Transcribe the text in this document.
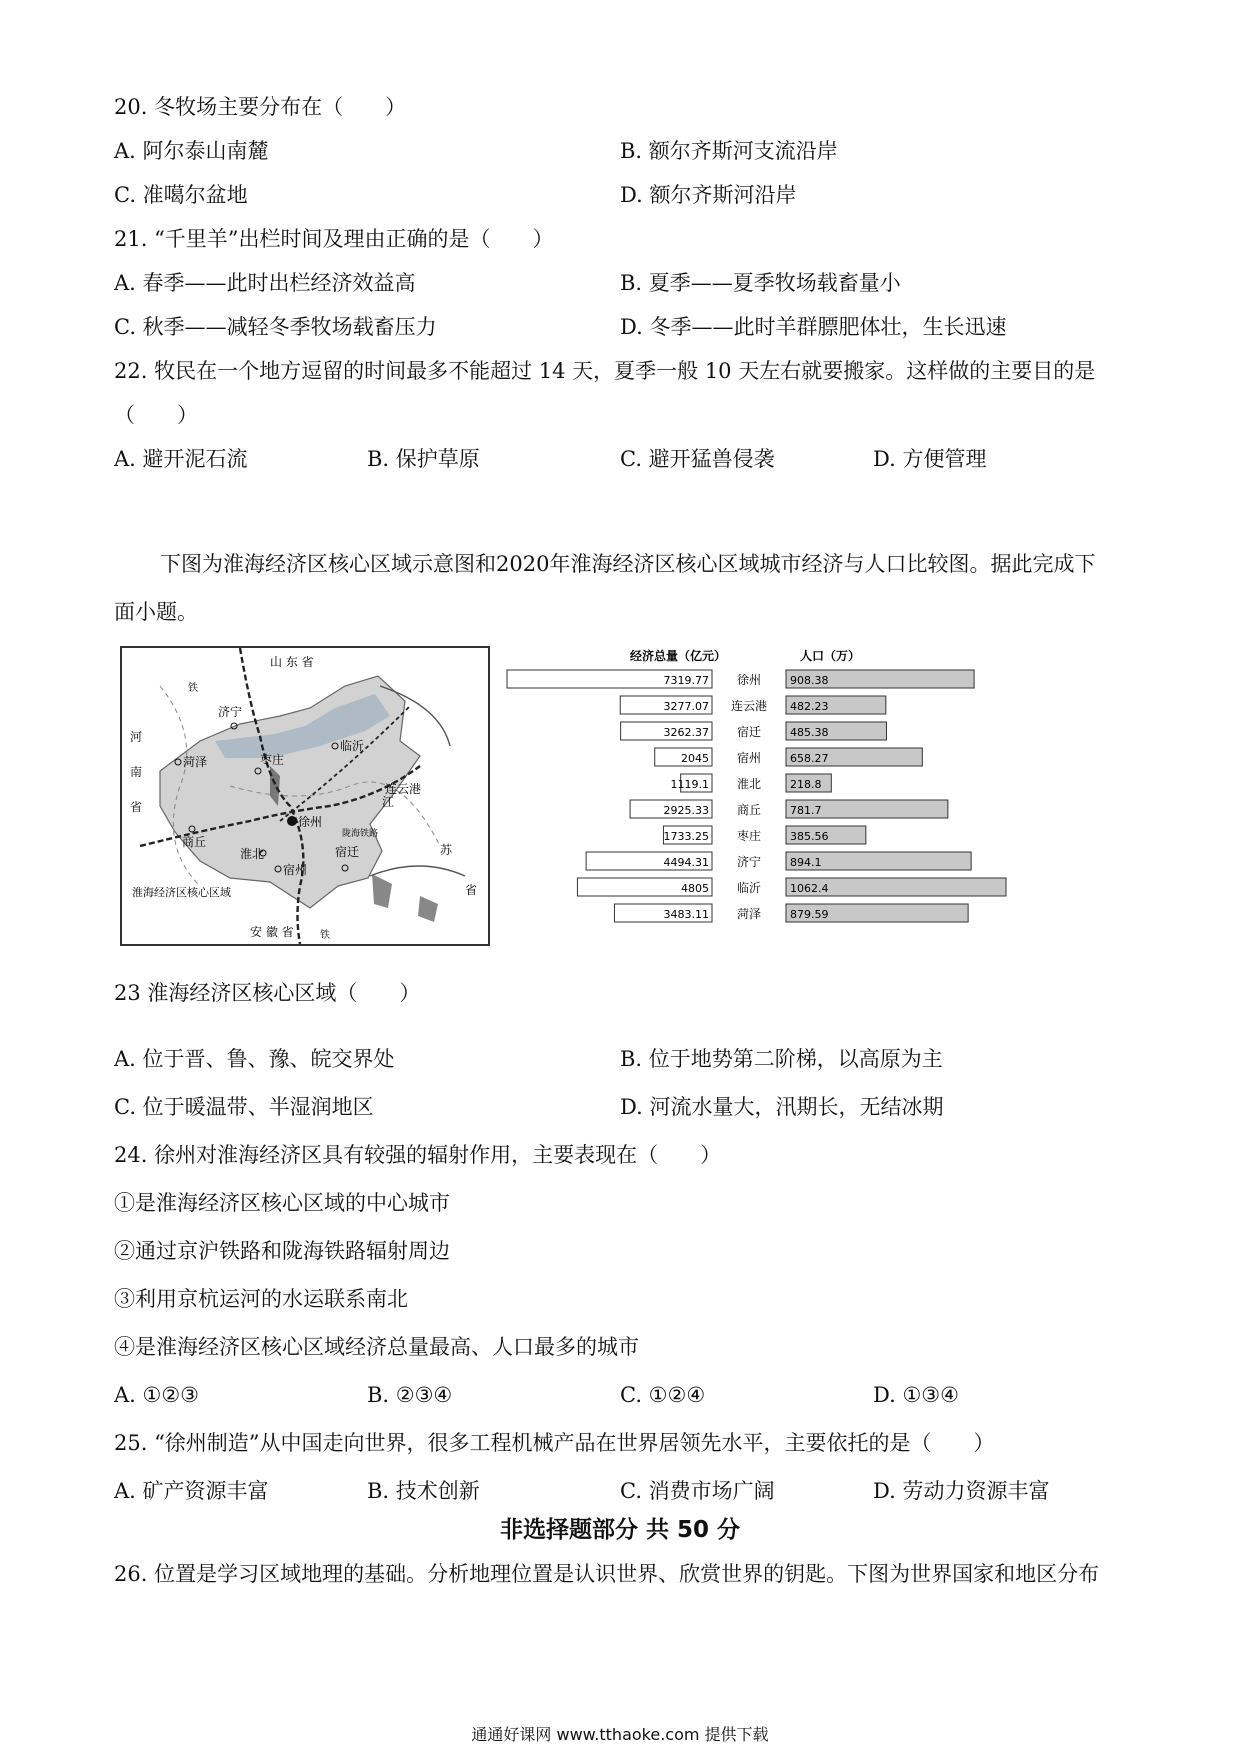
20. 冬牧场主要分布在（　　）
A. 阿尔泰山南麓	B. 额尔齐斯河支流沿岸
C. 准噶尔盆地	D. 额尔齐斯河沿岸
21. “千里羊”出栏时间及理由正确的是（　　）
A. 春季——此时出栏经济效益高	B. 夏季——夏季牧场载畜量小
C. 秋季——减轻冬季牧场载畜压力	D. 冬季——此时羊群膘肥体壮，生长迅速
22. 牧民在一个地方逗留的时间最多不能超过 14 天，夏季一般 10 天左右就要搬家。这样做的主要目的是
（　　）
A. 避开泥石流	B. 保护草原	C. 避开猛兽侵袭	D. 方便管理
下图为淮海经济区核心区域示意图和2020年淮海经济区核心区域城市经济与人口比较图。据此完成下
面小题。
山 东 省
河
南
省	江
苏
省
安 徽 省
菏泽
济宁
临沂
枣庄
连云港
商丘
徐州
淮北
宿州
宿迁
铁
陇海铁路
铁
淮海经济区核心区域
经济总量（亿元）	人口（万）
7319.77 徐州	908.38
3277.07 连云港 482.23
3262.37 宿迁	485.38
2045 宿州	658.27
1119.1 淮北	218.8
2925.33 商丘	781.7
1733.25 枣庄	385.56
4494.31 济宁	894.1
4805 临沂	1062.4
3483.11 菏泽	879.59
23 淮海经济区核心区域（　　）
A. 位于晋、鲁、豫、皖交界处	B. 位于地势第二阶梯，以高原为主
C. 位于暖温带、半湿润地区	D. 河流水量大，汛期长，无结冰期
24. 徐州对淮海经济区具有较强的辐射作用，主要表现在（　　）
①是淮海经济区核心区域的中心城市
②通过京沪铁路和陇海铁路辐射周边
③利用京杭运河的水运联系南北
④是淮海经济区核心区域经济总量最高、人口最多的城市
A. ①②③	B. ②③④	C. ①②④	D. ①③④
25. “徐州制造”从中国走向世界，很多工程机械产品在世界居领先水平，主要依托的是（　　）
A. 矿产资源丰富	B. 技术创新	C. 消费市场广阔	D. 劳动力资源丰富
非选择题部分 共 50 分
26. 位置是学习区域地理的基础。分析地理位置是认识世界、欣赏世界的钥匙。下图为世界国家和地区分布
通通好课网 www.tthaoke.com 提供下载
